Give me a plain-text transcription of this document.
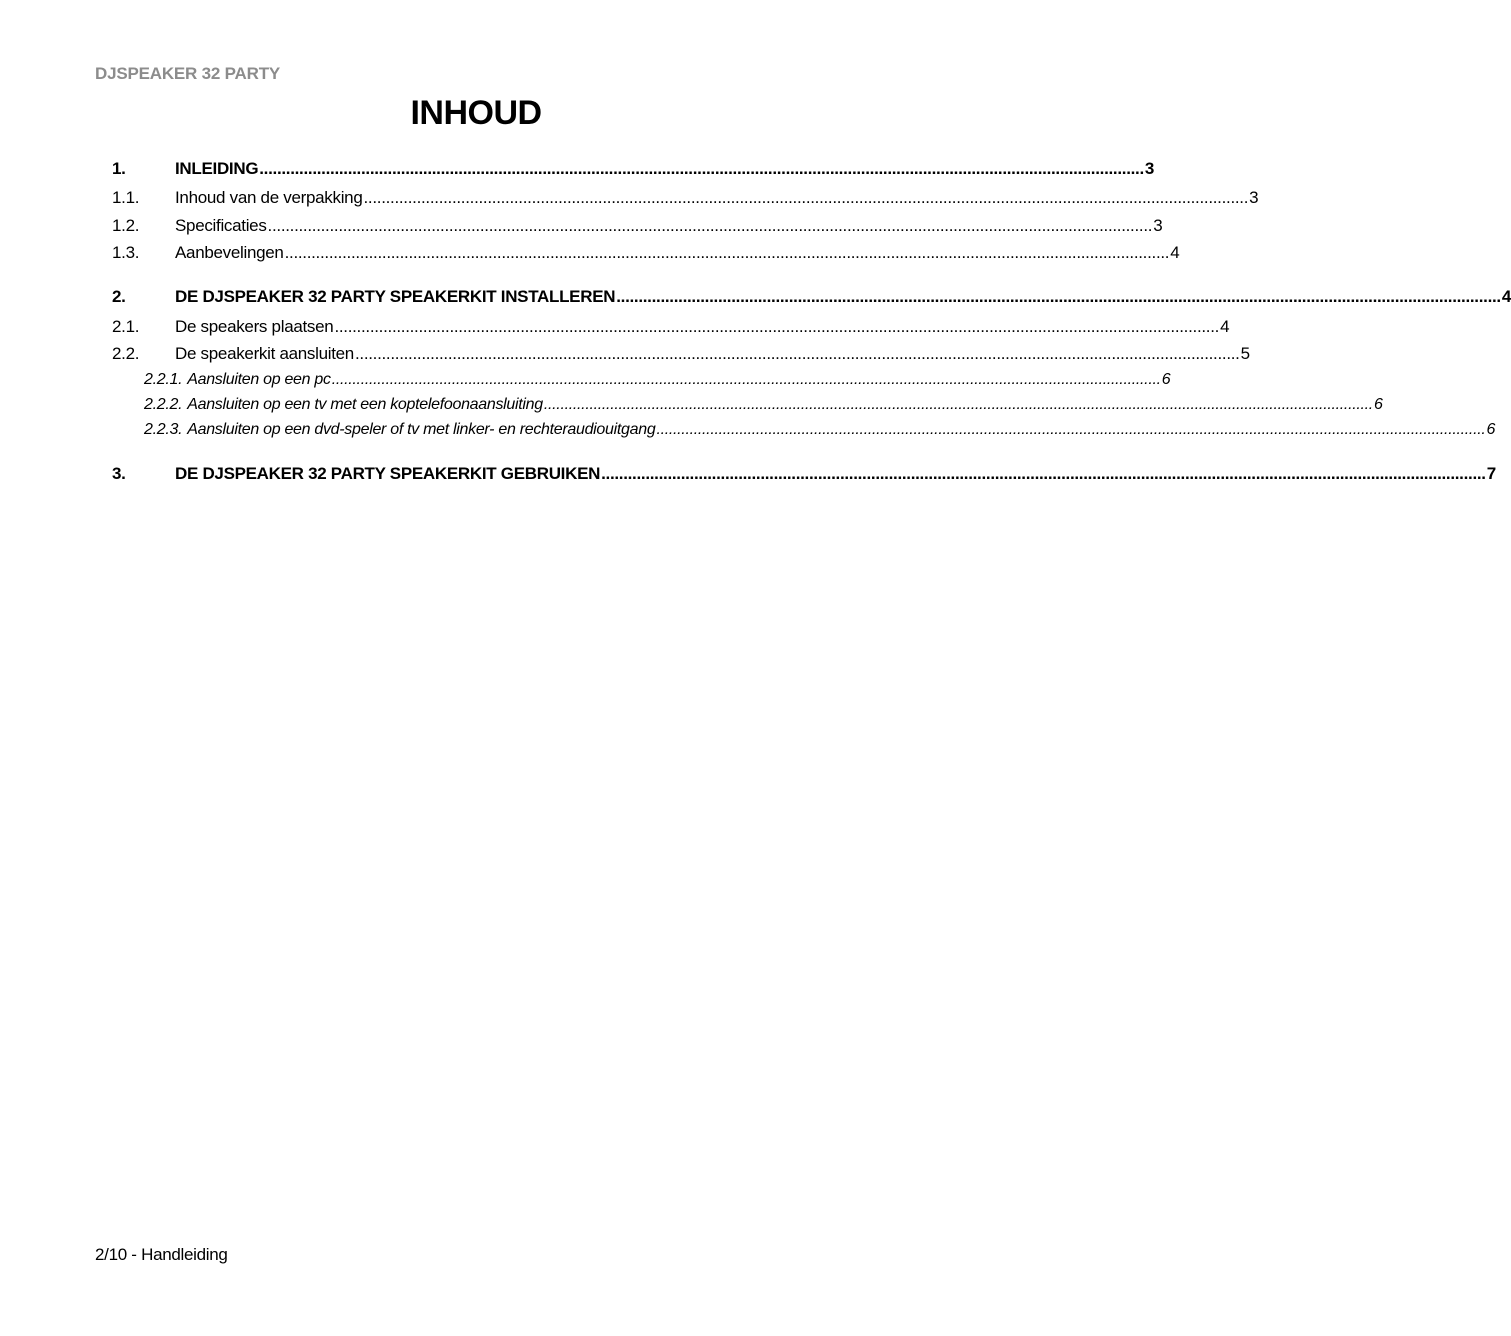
DJSPEAKER 32 PARTY
INHOUD
1.	INLEIDING ........................................................................................................................................................................................................ 3
1.1.	Inhoud van de verpakking ........................................................................................................................................................................................................ 3
1.2.	Specificaties ........................................................................................................................................................................................................ 3
1.3.	Aanbevelingen ........................................................................................................................................................................................................ 4
2.	DE DJSPEAKER 32 PARTY SPEAKERKIT INSTALLEREN ........................................................................................................................................................................................................ 4
2.1.	De speakers plaatsen ........................................................................................................................................................................................................ 4
2.2.	De speakerkit aansluiten ........................................................................................................................................................................................................ 5
2.2.1. Aansluiten op een pc ........................................................................................................................................................................................................ 6
2.2.2. Aansluiten op een tv met een koptelefoonaansluiting ........................................................................................................................................................................................................ 6
2.2.3. Aansluiten op een dvd-speler of tv met linker- en rechteraudiouitgang ........................................................................................................................................................................................................ 6
3.	DE DJSPEAKER 32 PARTY SPEAKERKIT GEBRUIKEN ........................................................................................................................................................................................................ 7
2/10 - Handleiding
